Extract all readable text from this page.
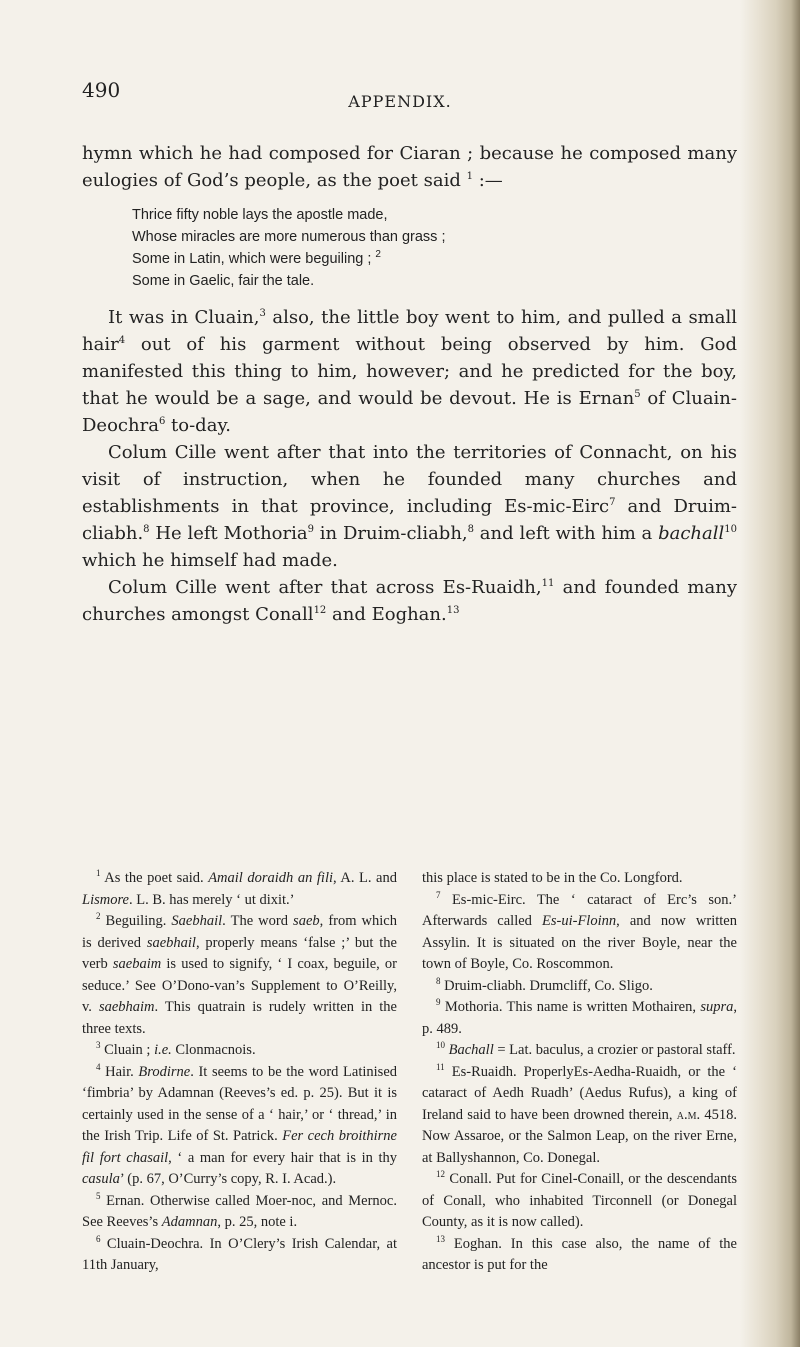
490	APPENDIX.

hymn which he had composed for Ciaran ; because he composed many eulogies of God’s people, as the poet said $^1$ :—

Thrice fifty noble lays the apostle made,
Whose miracles are more numerous than grass ;
Some in Latin, which were beguiling ; $^2$
Some in Gaelic, fair the tale.

It was in Cluain,$^3$ also, the little boy went to him, and pulled a small hair$^4$ out of his garment without being observed by him. God manifested this thing to him, however; and he predicted for the boy, that he would be a sage, and would be devout. He is Ernan$^5$ of Cluain-Deochra$^6$ to-day.

Colum Cille went after that into the territories of Connacht, on his visit of instruction, when he founded many churches and establishments in that province, including Es-mic-Eirc$^7$ and Druim-cliabh.$^8$ He left Mothoria$^9$ in Druim-cliabh,$^8$ and left with him a bachall$^{10}$ which he himself had made.

Colum Cille went after that across Es-Ruaidh,$^{11}$ and founded many churches amongst Conall$^{12}$ and Eoghan.$^{13}$

$^1$ As the poet said. Amail doraidh an fili, A. L. and Lismore. L. B. has merely ‘ ut dixit.’

$^2$ Beguiling. Saebhail. The word saeb, from which is derived saebhail, properly means ‘false ;’ but the verb saebaim is used to signify, ‘ I coax, beguile, or seduce.’ See O’Dono-van’s Supplement to O’Reilly, v. saebhaim. This quatrain is rudely written in the three texts.

$^3$ Cluain ; i.e. Clonmacnois.

$^4$ Hair. Brodirne. It seems to be the word Latinised ‘fimbria’ by Adamnan (Reeves’s ed. p. 25). But it is certainly used in the sense of a ‘ hair,’ or ‘ thread,’ in the Irish Trip. Life of St. Patrick. Fer cech broithirne fil fort chasail, ‘ a man for every hair that is in thy casula’ (p. 67, O’Curry’s copy, R. I. Acad.).

$^5$ Ernan. Otherwise called Moer-noc, and Mernoc. See Reeves’s Adamnan, p. 25, note i.

$^6$ Cluain-Deochra. In O’Clery’s Irish Calendar, at 11th January,

this place is stated to be in the Co. Longford.

$^7$ Es-mic-Eirc. The ‘ cataract of Erc’s son.’ Afterwards called Es-ui-Floinn, and now written Assylin. It is situated on the river Boyle, near the town of Boyle, Co. Roscommon.

$^8$ Druim-cliabh. Drumcliff, Co. Sligo.

$^9$ Mothoria. This name is written Mothairen, supra, p. 489.

$^{10}$ Bachall = Lat. baculus, a crozier or pastoral staff.

$^{11}$ Es-Ruaidh. ProperlyEs-Aedha-Ruaidh, or the ‘ cataract of Aedh Ruadh’ (Aedus Rufus), a king of Ireland said to have been drowned therein, a.m. 4518. Now Assaroe, or the Salmon Leap, on the river Erne, at Ballyshannon, Co. Donegal.

$^{12}$ Conall. Put for Cinel-Conaill, or the descendants of Conall, who inhabited Tirconnell (or Donegal County, as it is now called).

$^{13}$ Eoghan. In this case also, the name of the ancestor is put for the
